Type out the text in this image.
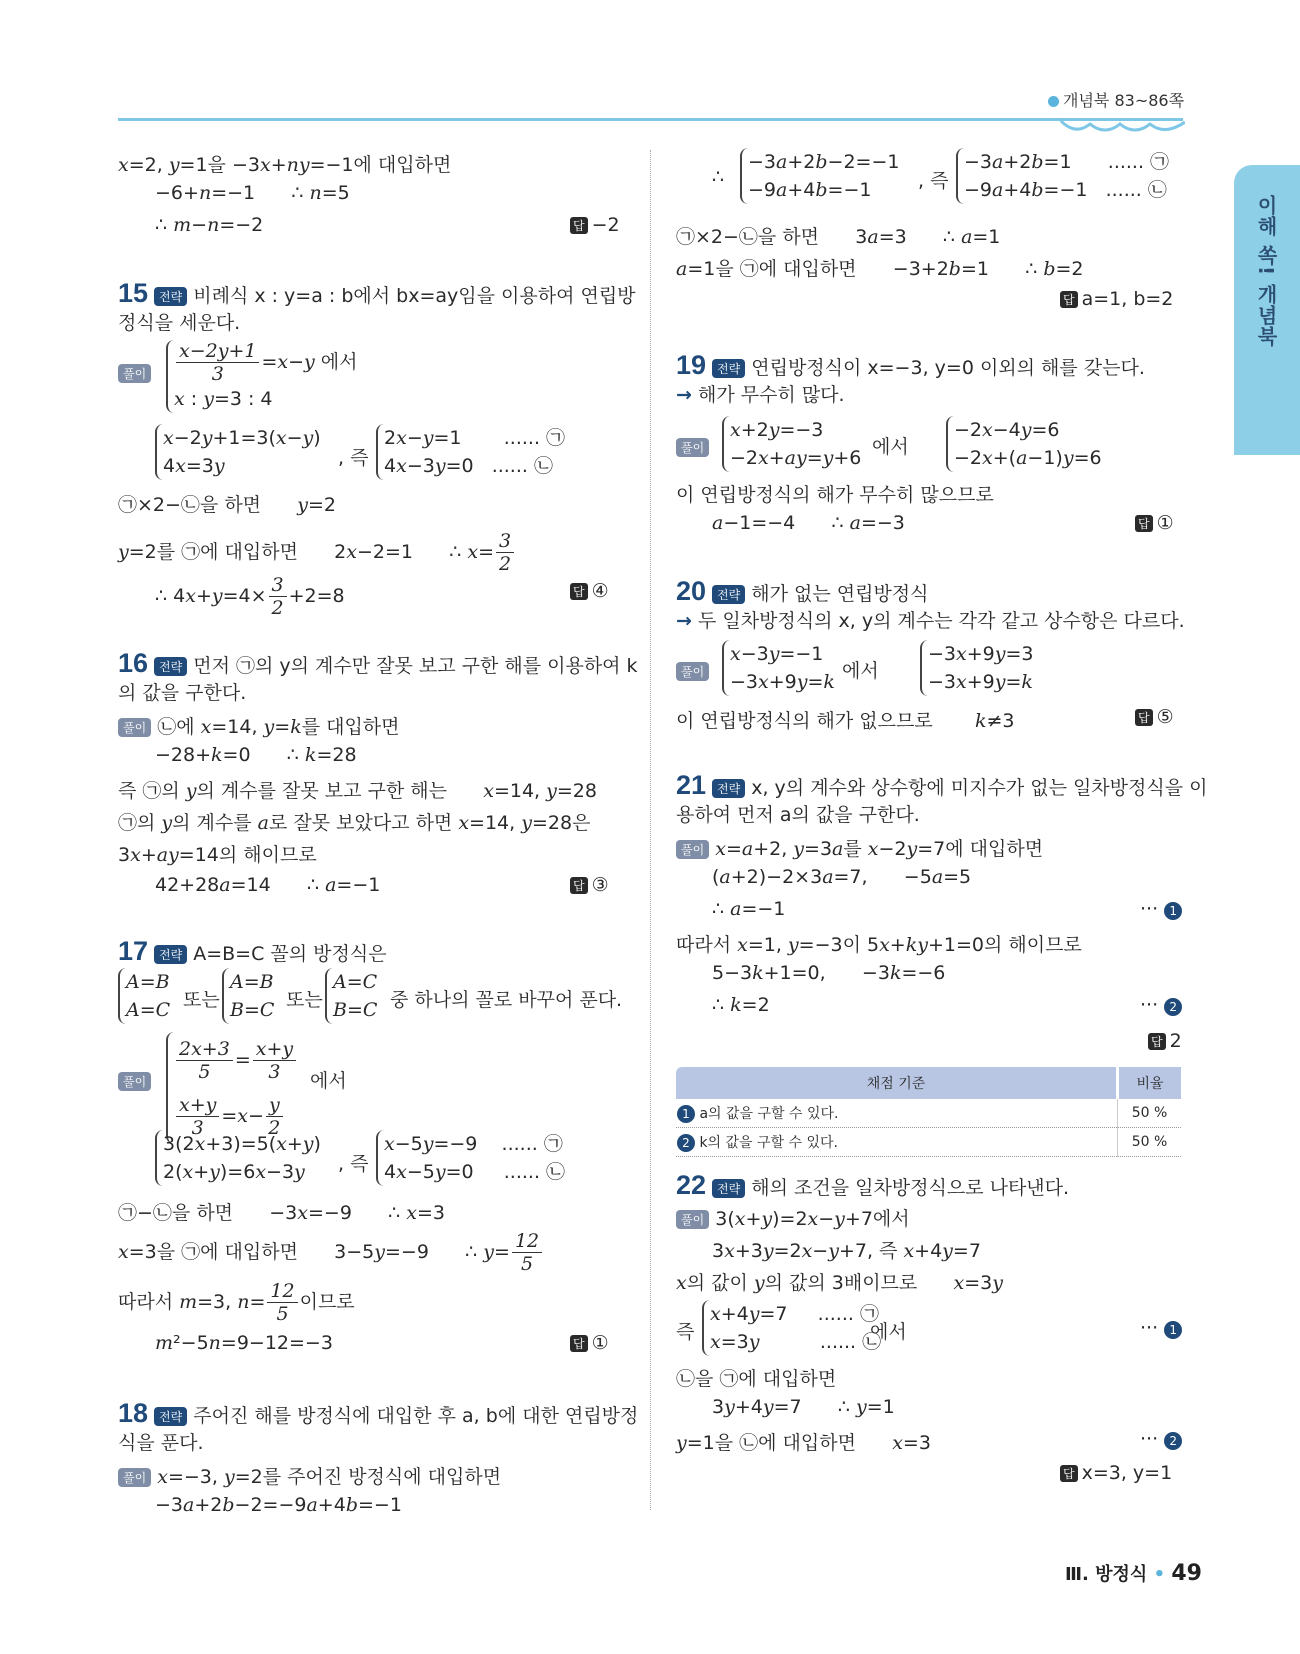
개념북 83~86쪽
이해 쏙! 개념북
x=2, y=1을 −3x+ny=−1에 대입하면
−6+n=−1      ∴ n=5
∴ m−n=−2	답 −2
15 전략 비례식 x : y=a : b에서 bx=ay임을 이용하여 연립방
정식을 세운다.
풀이 $\frac{x-2y+1}{3} =x-y$ 에서
x : y=3 : 4
x−2y+1=3(x−y)
4x=3y	, 즉
2x−y=1       ...... ㉠
4x−3y=0   ...... ㉡
㉠×2−㉡을 하면      y=2
y=2를 ㉠에 대입하면      2x−2=1      ∴ $x= \frac{3}{2}$
∴ $4x+y=4\times \frac{3}{2} +2=8$	답 ④
16 전략 먼저 ㉠의 y의 계수만 잘못 보고 구한 해를 이용하여 k
의 값을 구한다.
풀이 ㉡에 x=14, y=k를 대입하면
−28+k=0      ∴ k=28
즉 ㉠의 y의 계수를 잘못 보고 구한 해는      x=14, y=28
㉠의 y의 계수를 a로 잘못 보았다고 하면 x=14, y=28은
3x+ay=14의 해이므로
42+28a=14      ∴ a=−1	답 ③
17 전략 A=B=C 꼴의 방정식은
A=B
A=C 또는
A=B
B=C 또는
A=C
B=C 중 하나의 꼴로 바꾸어 푼다.
풀이 $\frac{2x+3}{5} = \frac{x+y}{3}$

$\frac{x+y}{3} =x- \frac{y}{2}$
에서
3(2x+3)=5(x+y)
2(x+y)=6x−3y	, 즉
x−5y=−9    ...... ㉠
4x−5y=0     ...... ㉡
㉠−㉡을 하면      −3x=−9      ∴ x=3
x=3을 ㉠에 대입하면      3−5y=−9      ∴ $y= \frac{12}{5}$
따라서 m=3, $n= \frac{12}{5}$ 이므로
m²−5n=9−12=−3	답 ①
18 전략 주어진 해를 방정식에 대입한 후 a, b에 대한 연립방정
식을 푼다.
풀이 x=−3, y=2를 주어진 방정식에 대입하면
−3a+2b−2=−9a+4b=−1
∴
−3a+2b−2=−1
−9a+4b=−1	, 즉
−3a+2b=1      ...... ㉠
−9a+4b=−1   ...... ㉡
㉠×2−㉡을 하면      3a=3      ∴ a=1
a=1을 ㉠에 대입하면      −3+2b=1      ∴ b=2
답 a=1, b=2
19 전략 연립방정식이 x=−3, y=0 이외의 해를 갖는다.
→ 해가 무수히 많다.
풀이
x+2y=−3
−2x+ay=y+6 에서
−2x−4y=6
−2x+(a−1)y=6
이 연립방정식의 해가 무수히 많으므로
a−1=−4      ∴ a=−3	답 ①
20 전략 해가 없는 연립방정식
→ 두 일차방정식의 x, y의 계수는 각각 같고 상수항은 다르다.
풀이
x−3y=−1
−3x+9y=k 에서
−3x+9y=3
−3x+9y=k
이 연립방정식의 해가 없으므로       k≠3	답 ⑤
21 전략 x, y의 계수와 상수항에 미지수가 없는 일차방정식을 이
용하여 먼저 a의 값을 구한다.
풀이 x=a+2, y=3a를 x−2y=7에 대입하면
(a+2)−2×3a=7,      −5a=5
∴ a=−1	··· 1
따라서 x=1, y=−3이 5x+ky+1=0의 해이므로
5−3k+1=0,      −3k=−6
∴ k=2	··· 2
답 2
채점 기준	비율
1 a의 값을 구할 수 있다.	50 %
2 k의 값을 구할 수 있다.	50 %
22 전략 해의 조건을 일차방정식으로 나타낸다.
풀이 3(x+y)=2x−y+7에서
3x+3y=2x−y+7, 즉 x+4y=7
x의 값이 y의 값의 3배이므로      x=3y
즉
x+4y=7     ...... ㉠
x=3y          ...... ㉡
에서	··· 1
㉡을 ㉠에 대입하면
3y+4y=7      ∴ y=1
y=1을 ㉡에 대입하면      x=3	··· 2
답 x=3, y=1
Ⅲ. 방정식 • 49
